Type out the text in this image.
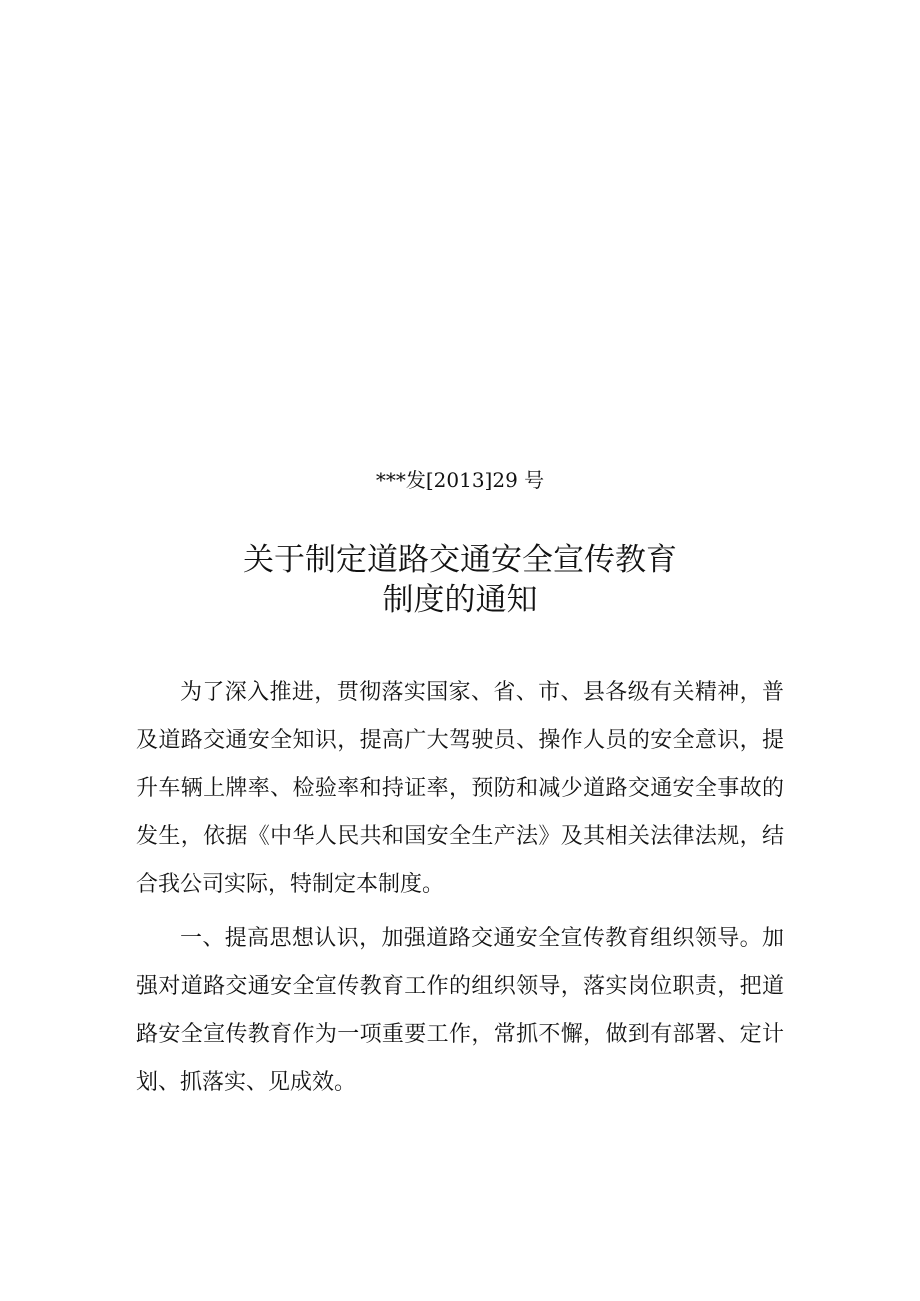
***发[2013]29 号
关于制定道路交通安全宣传教育
制度的通知

为了深入推进，贯彻落实国家、省、市、县各级有关精神，普及道路交通安全知识，提高广大驾驶员、操作人员的安全意识，提升车辆上牌率、检验率和持证率，预防和减少道路交通安全事故的发生，依据《中华人民共和国安全生产法》及其相关法律法规，结合我公司实际，特制定本制度。

一、提高思想认识，加强道路交通安全宣传教育组织领导。加强对道路交通安全宣传教育工作的组织领导，落实岗位职责，把道路安全宣传教育作为一项重要工作，常抓不懈，做到有部署、定计划、抓落实、见成效。
